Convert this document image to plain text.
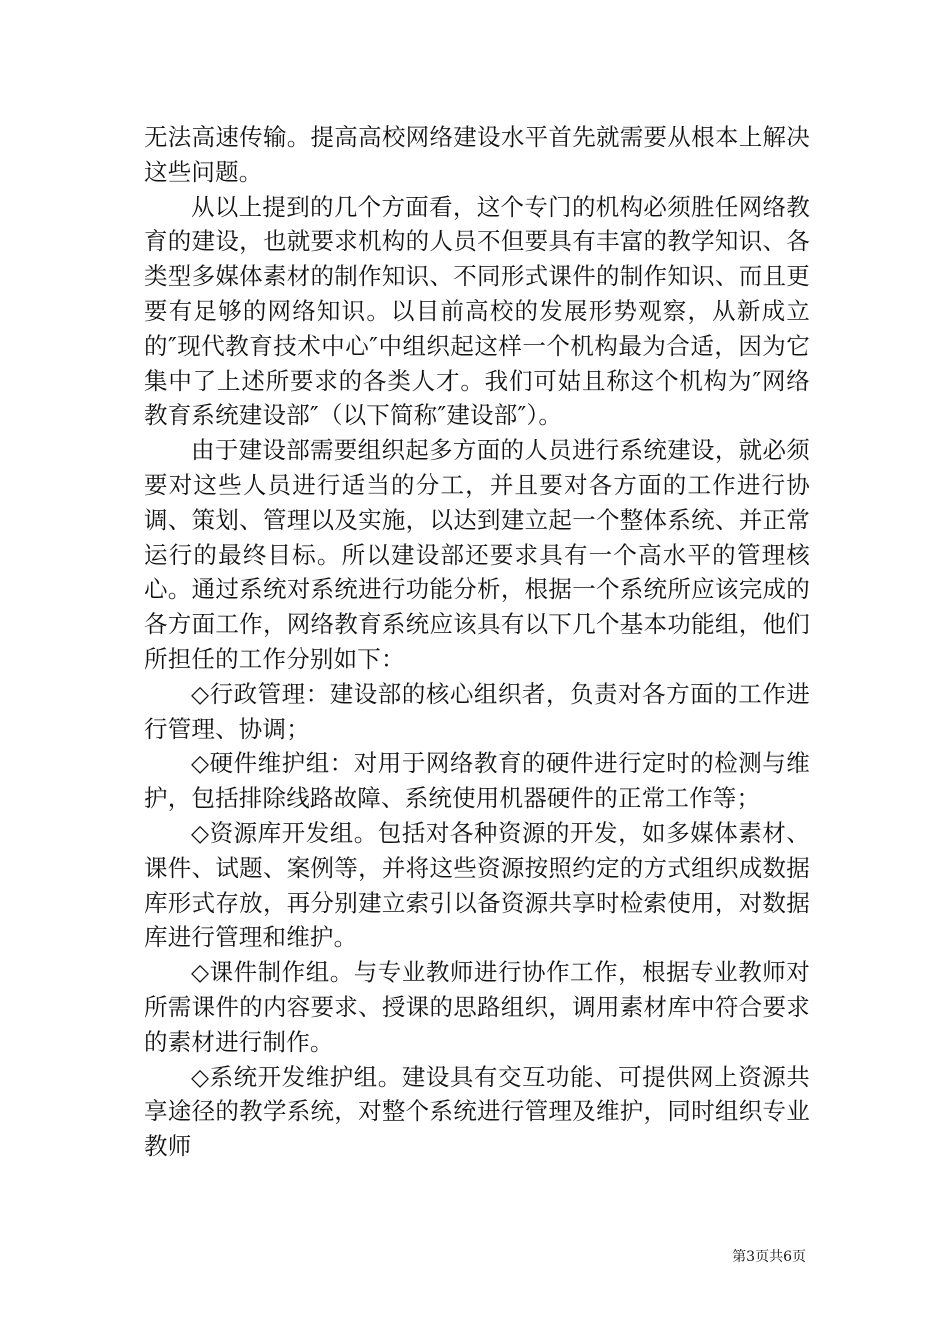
无法高速传输。提高高校网络建设水平首先就需要从根本上解决这些问题。

从以上提到的几个方面看，这个专门的机构必须胜任网络教育的建设，也就要求机构的人员不但要具有丰富的教学知识、各类型多媒体素材的制作知识、不同形式课件的制作知识、而且更要有足够的网络知识。以目前高校的发展形势观察，从新成立的″现代教育技术中心″中组织起这样一个机构最为合适，因为它集中了上述所要求的各类人才。我们可姑且称这个机构为″网络教育系统建设部″（以下简称″建设部″）。

由于建设部需要组织起多方面的人员进行系统建设，就必须要对这些人员进行适当的分工，并且要对各方面的工作进行协调、策划、管理以及实施，以达到建立起一个整体系统、并正常运行的最终目标。所以建设部还要求具有一个高水平的管理核心。通过系统对系统进行功能分析，根据一个系统所应该完成的各方面工作，网络教育系统应该具有以下几个基本功能组，他们所担任的工作分别如下：

◇行政管理：建设部的核心组织者，负责对各方面的工作进行管理、协调；

◇硬件维护组：对用于网络教育的硬件进行定时的检测与维护，包括排除线路故障、系统使用机器硬件的正常工作等；

◇资源库开发组。包括对各种资源的开发，如多媒体素材、课件、试题、案例等，并将这些资源按照约定的方式组织成数据库形式存放，再分别建立索引以备资源共享时检索使用，对数据库进行管理和维护。

◇课件制作组。与专业教师进行协作工作，根据专业教师对所需课件的内容要求、授课的思路组织，调用素材库中符合要求的素材进行制作。

◇系统开发维护组。建设具有交互功能、可提供网上资源共享途径的教学系统，对整个系统进行管理及维护，同时组织专业教师

第3页共6页
